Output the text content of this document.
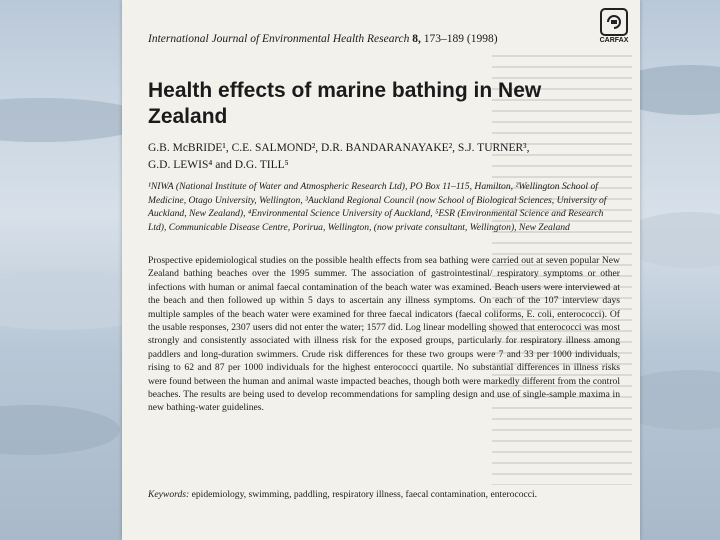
International Journal of Environmental Health Research 8, 173–189 (1998)	CARFAX
Health effects of marine bathing in New Zealand
G.B. McBRIDE¹, C.E. SALMOND², D.R. BANDARANAYAKE², S.J. TURNER³,
G.D. LEWIS⁴ and D.G. TILL⁵
¹NIWA (National Institute of Water and Atmospheric Research Ltd), PO Box 11–115, Hamilton, ²Wellington School of Medicine, Otago University, Wellington, ³Auckland Regional Council (now School of Biological Sciences, University of Auckland, New Zealand), ⁴Environmental Science University of Auckland, ⁵ESR (Environmental Science and Research Ltd), Communicable Disease Centre, Porirua, Wellington, (now private consultant, Wellington), New Zealand
Prospective epidemiological studies on the possible health effects from sea bathing were carried out at seven popular New Zealand bathing beaches over the 1995 summer. The association of gastrointestinal/ respiratory symptoms or other infections with human or animal faecal contamination of the beach water was examined. Beach users were interviewed at the beach and then followed up within 5 days to ascertain any illness symptoms. On each of the 107 interview days multiple samples of the beach water were examined for three faecal indicators (faecal coliforms, E. coli, enterococci). Of the usable responses, 2307 users did not enter the water; 1577 did. Log linear modelling showed that enterococci was most strongly and consistently associated with illness risk for the exposed groups, particularly for respiratory illness among paddlers and long-duration swimmers. Crude risk differences for these two groups were 7 and 33 per 1000 individuals, rising to 62 and 87 per 1000 individuals for the highest enterococci quartile. No substantial differences in illness risks were found between the human and animal waste impacted beaches, though both were markedly different from the control beaches. The results are being used to develop recommendations for sampling design and use of single-sample maxima in new bathing-water guidelines.
Keywords: epidemiology, swimming, paddling, respiratory illness, faecal contamination, enterococci.
